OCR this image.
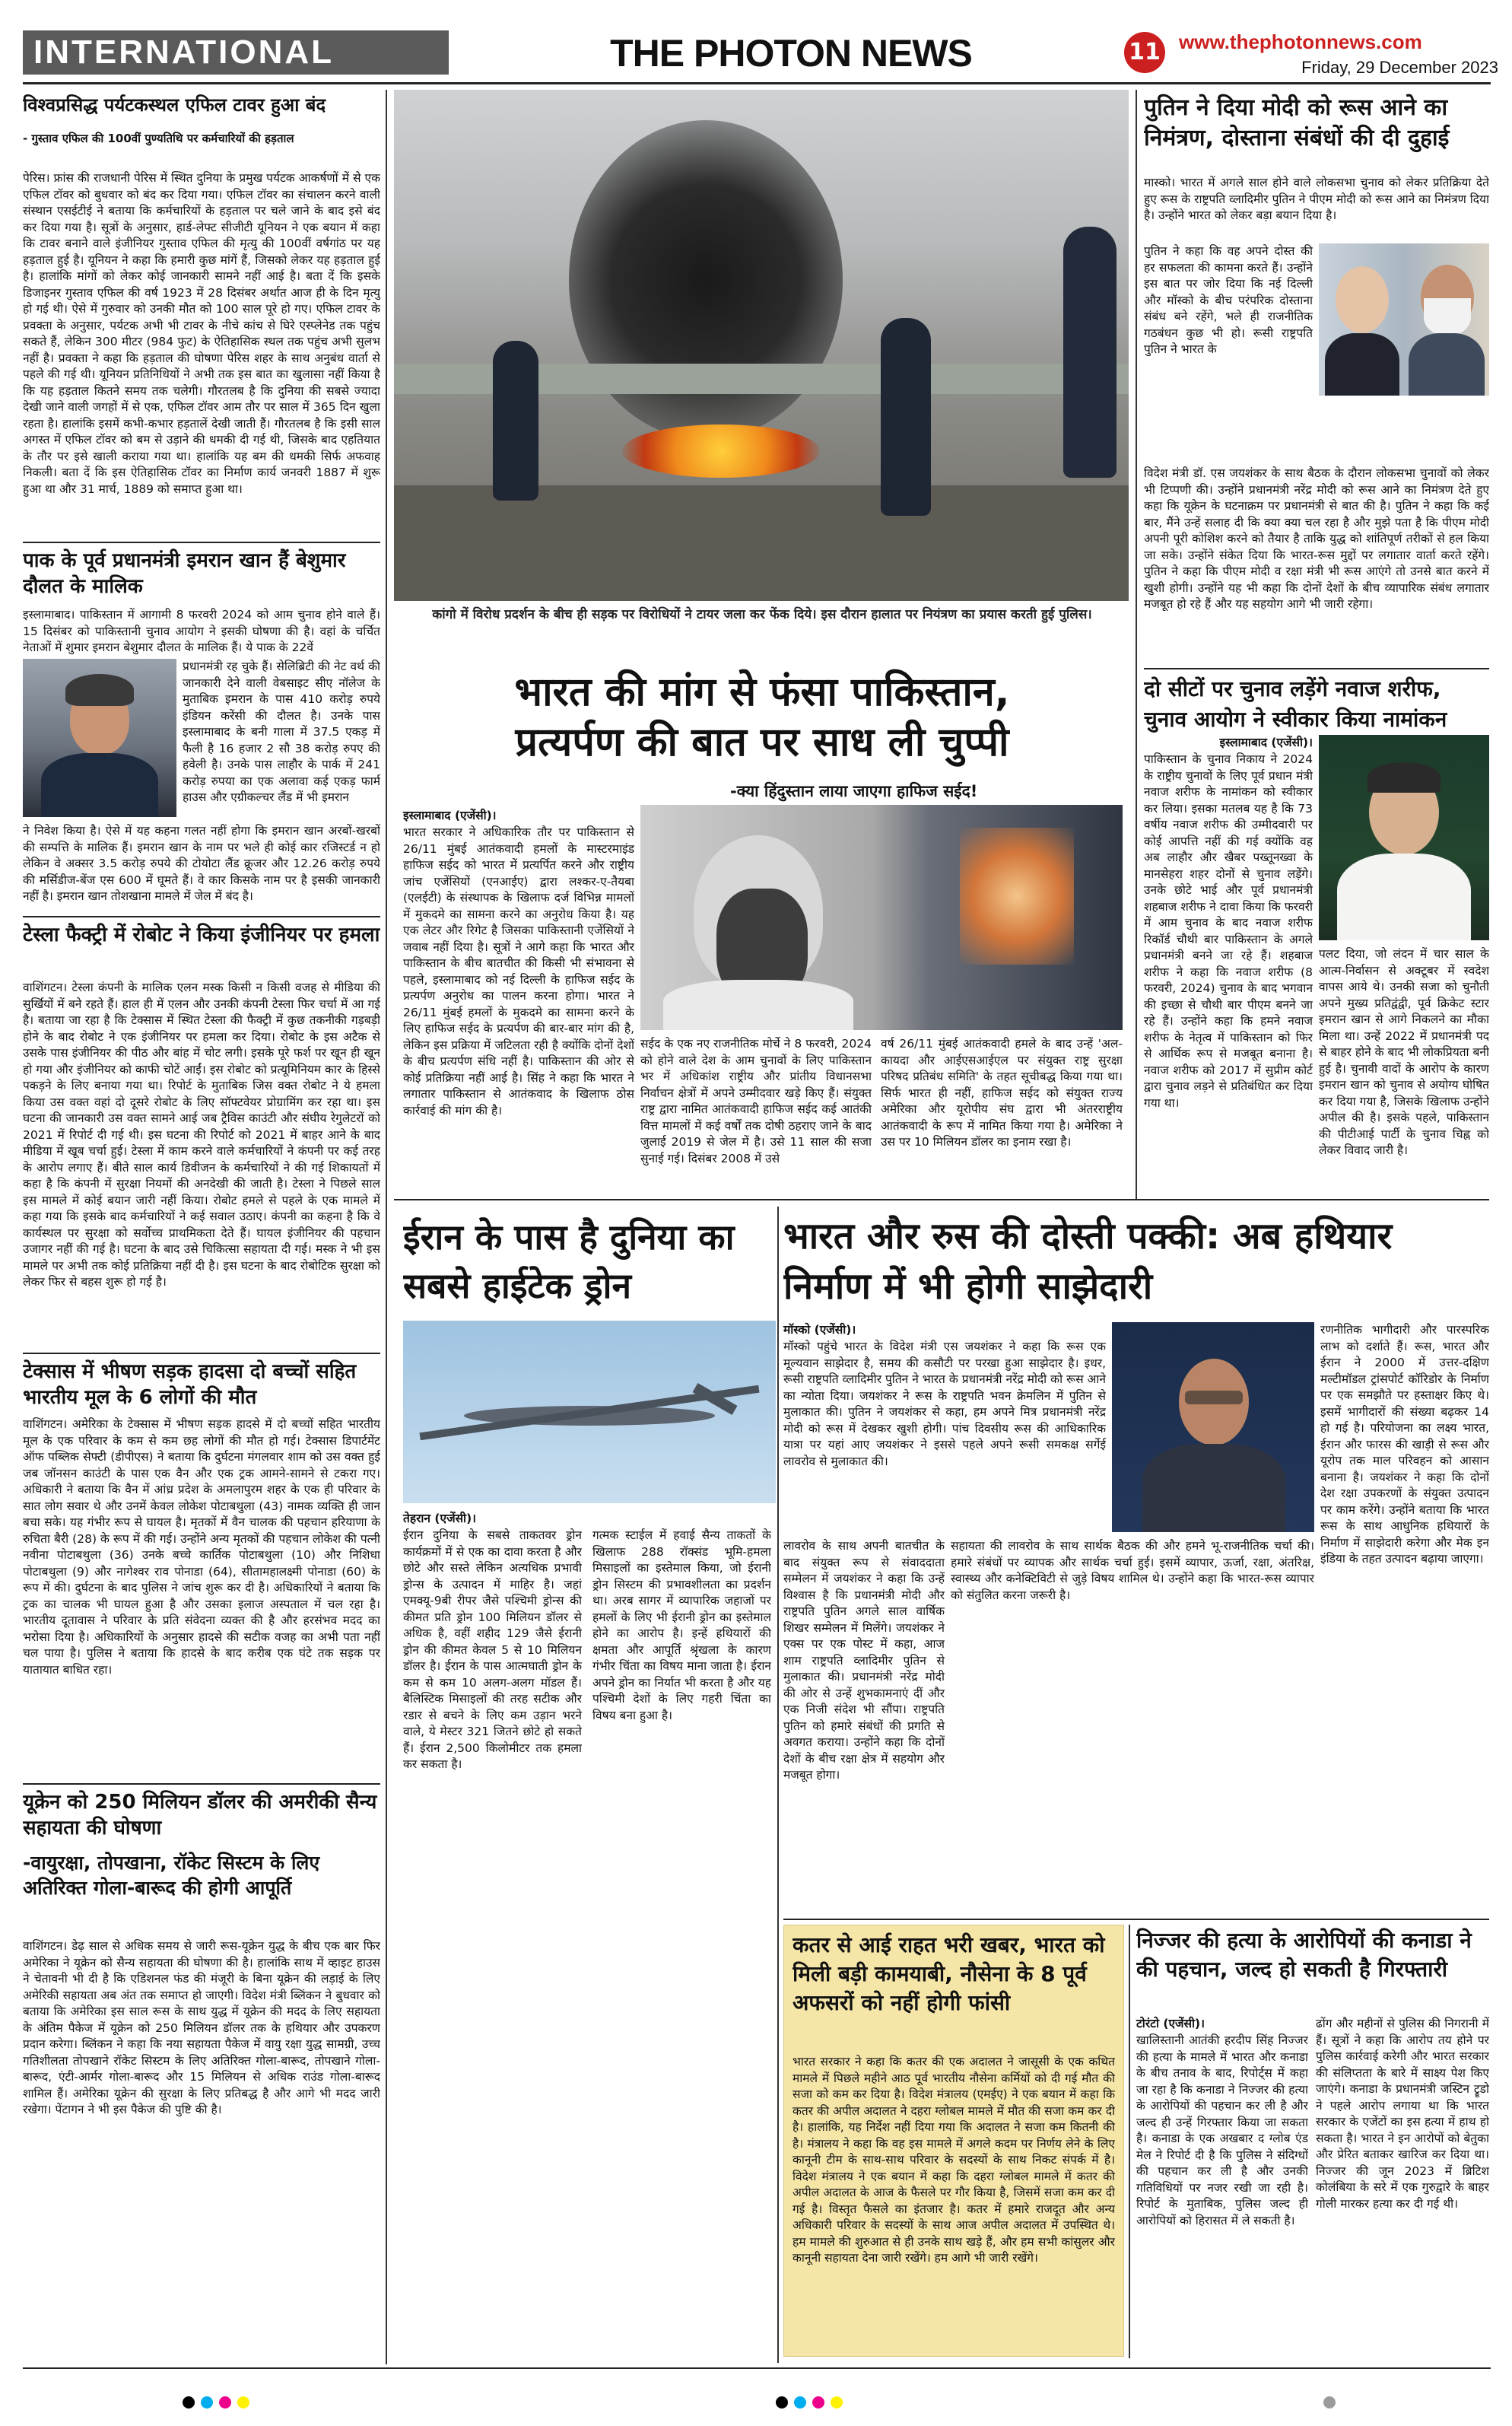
INTERNATIONAL	THE PHOTON NEWS	11 www.thephotonnews.com
Friday, 29 December 2023
विश्वप्रसिद्ध पर्यटकस्थल एफिल टावर हुआ बंद
- गुस्ताव एफिल की 100वीं पुण्यतिथि पर कर्मचारियों की हड़ताल
पेरिस। फ्रांस की राजधानी पेरिस में स्थित दुनिया के प्रमुख पर्यटक आकर्षणों में से एक एफिल टॉवर को बुधवार को बंद कर दिया गया। एफिल टॉवर का संचालन करने वाली संस्थान एसईटीई ने बताया कि कर्मचारियों के हड़ताल पर चले जाने के बाद इसे बंद कर दिया गया है। सूत्रों के अनुसार, हार्ड-लेफ्ट सीजीटी यूनियन ने एक बयान में कहा कि टावर बनाने वाले इंजीनियर गुस्ताव एफिल की मृत्यु की 100वीं वर्षगांठ पर यह हड़ताल हुई है। यूनियन ने कहा कि हमारी कुछ मांगें हैं, जिसको लेकर यह हड़ताल हुई है। हालांकि मांगों को लेकर कोई जानकारी सामने नहीं आई है। बता दें कि इसके डिजाइनर गुस्ताव एफिल की वर्ष 1923 में 28 दिसंबर अर्थात आज ही के दिन मृत्यु हो गई थी। ऐसे में गुरुवार को उनकी मौत को 100 साल पूरे हो गए। एफिल टावर के प्रवक्ता के अनुसार, पर्यटक अभी भी टावर के नीचे कांच से घिरे एस्प्लेनेड तक पहुंच सकते हैं, लेकिन 300 मीटर (984 फुट) के ऐतिहासिक स्थल तक पहुंच अभी सुलभ नहीं है। प्रवक्ता ने कहा कि हड़ताल की घोषणा पेरिस शहर के साथ अनुबंध वार्ता से पहले की गई थी। यूनियन प्रतिनिधियों ने अभी तक इस बात का खुलासा नहीं किया है कि यह हड़ताल कितने समय तक चलेगी। गौरतलब है कि दुनिया की सबसे ज्यादा देखी जाने वाली जगहों में से एक, एफिल टॉवर आम तौर पर साल में 365 दिन खुला रहता है। हालांकि इसमें कभी-कभार हड़तालें देखी जाती हैं। गौरतलब है कि इसी साल अगस्त में एफिल टॉवर को बम से उड़ाने की धमकी दी गई थी, जिसके बाद एहतियात के तौर पर इसे खाली कराया गया था। हालांकि यह बम की धमकी सिर्फ अफवाह निकली। बता दें कि इस ऐतिहासिक टॉवर का निर्माण कार्य जनवरी 1887 में शुरू हुआ था और 31 मार्च, 1889 को समाप्त हुआ था।
पाक के पूर्व प्रधानमंत्री इमरान खान हैं बेशुमार दौलत के मालिक
इस्लामाबाद। पाकिस्तान में आगामी 8 फरवरी 2024 को आम चुनाव होने वाले हैं। 15 दिसंबर को पाकिस्तानी चुनाव आयोग ने इसकी घोषणा की है। वहां के चर्चित नेताओं में शुमार इमरान बेशुमार दौलत के मालिक हैं। ये पाक के 22वें
प्रधानमंत्री रह चुके हैं। सेलिब्रिटी की नेट वर्थ की जानकारी देने वाली वेबसाइट सीए नॉलेज के मुताबिक इमरान के पास 410 करोड़ रुपये इंडियन करेंसी की दौलत है। उनके पास इस्लामाबाद के बनी गाला में 37.5 एकड़ में फैली है 16 हजार 2 सौ 38 करोड़ रुपए की हवेली है। उनके पास लाहौर के पार्क में 241 करोड़ रुपया का एक अलावा कई एकड़ फार्म हाउस और एग्रीकल्चर लैंड में भी इमरान
ने निवेश किया है। ऐसे में यह कहना गलत नहीं होगा कि इमरान खान अरबों-खरबों की सम्पत्ति के मालिक हैं। इमरान खान के नाम पर भले ही कोई कार रजिस्टर्ड न हो लेकिन वे अक्सर 3.5 करोड़ रुपये की टोयोटा लैंड क्रूजर और 12.26 करोड़ रुपये की मर्सिडीज-बेंज एस 600 में घूमते हैं। वे कार किसके नाम पर है इसकी जानकारी नहीं है। इमरान खान तोशखाना मामले में जेल में बंद है।
टेस्ला फैक्ट्री में रोबोट ने किया इंजीनियर पर हमला
वाशिंगटन। टेस्ला कंपनी के मालिक एलन मस्क किसी न किसी वजह से मीडिया की सुर्खियों में बने रहते हैं। हाल ही में एलन और उनकी कंपनी टेस्ला फिर चर्चा में आ गई है। बताया जा रहा है कि टेक्सास में स्थित टेस्ला की फैक्ट्री में कुछ तकनीकी गड़बड़ी होने के बाद रोबोट ने एक इंजीनियर पर हमला कर दिया। रोबोट के इस अटैक से उसके पास इंजीनियर की पीठ और बांह में चोट लगी। इसके पूरे फर्श पर खून ही खून हो गया और इंजीनियर को काफी चोटें आईं। इस रोबोट को प्रत्यूमिनियम कार के हिस्से पकड़ने के लिए बनाया गया था। रिपोर्ट के मुताबिक जिस वक्त रोबोट ने ये हमला किया उस वक्त वहां दो दूसरे रोबोट के लिए सॉफ्टवेयर प्रोग्रामिंग कर रहा था। इस घटना की जानकारी उस वक्त सामने आई जब ट्रैविस काउंटी और संघीय रेगुलेटरों को 2021 में रिपोर्ट दी गई थी। इस घटना की रिपोर्ट को 2021 में बाहर आने के बाद मीडिया में खूब चर्चा हुई। टेस्ला में काम करने वाले कर्मचारियों ने कंपनी पर कई तरह के आरोप लगाए हैं। बीते साल कार्य डिवीजन के कर्मचारियों ने की गई शिकायतों में कहा है कि कंपनी में सुरक्षा नियमों की अनदेखी की जाती है। टेस्ला ने पिछले साल इस मामले में कोई बयान जारी नहीं किया। रोबोट हमले से पहले के एक मामले में कहा गया कि इसके बाद कर्मचारियों ने कई सवाल उठाए। कंपनी का कहना है कि वे कार्यस्थल पर सुरक्षा को सर्वोच्च प्राथमिकता देते हैं। घायल इंजीनियर की पहचान उजागर नहीं की गई है। घटना के बाद उसे चिकित्सा सहायता दी गई। मस्क ने भी इस मामले पर अभी तक कोई प्रतिक्रिया नहीं दी है। इस घटना के बाद रोबोटिक सुरक्षा को लेकर फिर से बहस शुरू हो गई है।
टेक्सास में भीषण सड़क हादसा दो बच्चों सहित भारतीय मूल के 6 लोगों की मौत
वाशिंगटन। अमेरिका के टेक्सास में भीषण सड़क हादसे में दो बच्चों सहित भारतीय मूल के एक परिवार के कम से कम छह लोगों की मौत हो गई। टेक्सास डिपार्टमेंट ऑफ पब्लिक सेफ्टी (डीपीएस) ने बताया कि दुर्घटना मंगलवार शाम को उस वक्त हुई जब जॉनसन काउंटी के पास एक वैन और एक ट्रक आमने-सामने से टकरा गए। अधिकारी ने बताया कि वैन में आंध्र प्रदेश के अमलापुरम शहर के एक ही परिवार के सात लोग सवार थे और उनमें केवल लोकेश पोटाबथुला (43) नामक व्यक्ति ही जान बचा सके। यह गंभीर रूप से घायल है। मृतकों में वैन चालक की पहचान हरियाणा के रुचिता बैरी (28) के रूप में की गई। उन्होंने अन्य मृतकों की पहचान लोकेश की पत्नी नवीना पोटाबथुला (36) उनके बच्चे कार्तिक पोटाबथुला (10) और निशिधा पोटाबथुला (9) और नागेश्वर राव पोनाडा (64), सीतामहालक्ष्मी पोनाडा (60) के रूप में की। दुर्घटना के बाद पुलिस ने जांच शुरू कर दी है। अधिकारियों ने बताया कि ट्रक का चालक भी घायल हुआ है और उसका इलाज अस्पताल में चल रहा है। भारतीय दूतावास ने परिवार के प्रति संवेदना व्यक्त की है और हरसंभव मदद का भरोसा दिया है। अधिकारियों के अनुसार हादसे की सटीक वजह का अभी पता नहीं चल पाया है। पुलिस ने बताया कि हादसे के बाद करीब एक घंटे तक सड़क पर यातायात बाधित रहा।
यूक्रेन को 250 मिलियन डॉलर की अमरीकी सैन्य सहायता की घोषणा
-वायुरक्षा, तोपखाना, रॉकेट सिस्टम के लिए अतिरिक्त गोला-बारूद की होगी आपूर्ति
वाशिंगटन। डेढ़ साल से अधिक समय से जारी रूस-यूक्रेन युद्ध के बीच एक बार फिर अमेरिका ने यूक्रेन को सैन्य सहायता की घोषणा की है। हालांकि साथ में व्हाइट हाउस ने चेतावनी भी दी है कि एडिशनल फंड की मंजूरी के बिना यूक्रेन की लड़ाई के लिए अमेरिकी सहायता अब अंत तक समाप्त हो जाएगी। विदेश मंत्री ब्लिंकन ने बुधवार को बताया कि अमेरिका इस साल रूस के साथ युद्ध में यूक्रेन की मदद के लिए सहायता के अंतिम पैकेज में यूक्रेन को 250 मिलियन डॉलर तक के हथियार और उपकरण प्रदान करेगा। ब्लिंकन ने कहा कि नया सहायता पैकेज में वायु रक्षा युद्ध सामग्री, उच्च गतिशीलता तोपखाने रॉकेट सिस्टम के लिए अतिरिक्त गोला-बारूद, तोपखाने गोला-बारूद, एंटी-आर्मर गोला-बारूद और 15 मिलियन से अधिक राउंड गोला-बारूद शामिल हैं। अमेरिका यूक्रेन की सुरक्षा के लिए प्रतिबद्ध है और आगे भी मदद जारी रखेगा। पेंटागन ने भी इस पैकेज की पुष्टि की है।
कांगो में विरोध प्रदर्शन के बीच ही सड़क पर विरोधियों ने टायर जला कर फेंक दिये। इस दौरान हालात पर नियंत्रण का प्रयास करती हुई पुलिस।
भारत की मांग से फंसा पाकिस्तान,
प्रत्यर्पण की बात पर साध ली चुप्पी
-क्या हिंदुस्तान लाया जाएगा हाफिज सईद!
इस्लामाबाद (एजेंसी)।
भारत सरकार ने अधिकारिक तौर पर पाकिस्तान से 26/11 मुंबई आतंकवादी हमलों के मास्टरमाइंड हाफिज सईद को भारत में प्रत्यर्पित करने और राष्ट्रीय जांच एजेंसियों (एनआईए) द्वारा लश्कर-ए-तैयबा (एलईटी) के संस्थापक के खिलाफ दर्ज विभिन्न मामलों में मुकदमे का सामना करने का अनुरोध किया है। यह एक लेटर और रिगेट है जिसका पाकिस्तानी एजेंसियों ने जवाब नहीं दिया है। सूत्रों ने आगे कहा कि भारत और पाकिस्तान के बीच बातचीत की किसी भी संभावना से पहले, इस्लामाबाद को नई दिल्ली के हाफिज सईद के प्रत्यर्पण अनुरोध का पालन करना होगा। भारत ने 26/11 मुंबई हमलों के मुकदमे का सामना करने के लिए हाफिज सईद के प्रत्यर्पण की बार-बार मांग की है, लेकिन इस प्रक्रिया में जटिलता रही है क्योंकि दोनों देशों के बीच प्रत्यर्पण संधि नहीं है। पाकिस्तान की ओर से कोई प्रतिक्रिया नहीं आई है। सिंह ने कहा कि भारत ने लगातार पाकिस्तान से आतंकवाद के खिलाफ ठोस कार्रवाई की मांग की है।
सईद के एक नए राजनीतिक मोर्चे ने 8 फरवरी, 2024 को होने वाले देश के आम चुनावों के लिए पाकिस्तान भर में अधिकांश राष्ट्रीय और प्रांतीय विधानसभा निर्वाचन क्षेत्रों में अपने उम्मीदवार खड़े किए हैं। संयुक्त राष्ट्र द्वारा नामित आतंकवादी हाफिज सईद कई आतंकी वित्त मामलों में कई वर्षों तक दोषी ठहराए जाने के बाद जुलाई 2019 से जेल में है। उसे 11 साल की सजा सुनाई गई। दिसंबर 2008 में उसे
वर्ष 26/11 मुंबई आतंकवादी हमले के बाद उन्हें 'अल-कायदा और आईएसआईएल पर संयुक्त राष्ट्र सुरक्षा परिषद प्रतिबंध समिति' के तहत सूचीबद्ध किया गया था। सिर्फ भारत ही नहीं, हाफिज सईद को संयुक्त राज्य अमेरिका और यूरोपीय संघ द्वारा भी अंतरराष्ट्रीय आतंकवादी के रूप में नामित किया गया है। अमेरिका ने उस पर 10 मिलियन डॉलर का इनाम रखा है।
ईरान के पास है दुनिया का सबसे हाईटेक ड्रोन
तेहरान (एजेंसी)।
ईरान दुनिया के सबसे ताकतवर ड्रोन कार्यक्रमों में से एक का दावा करता है और छोटे और सस्ते लेकिन अत्यधिक प्रभावी ड्रोन्स के उत्पादन में माहिर है। जहां एमक्यू-9बी रीपर जैसे पश्चिमी ड्रोन्स की कीमत प्रति ड्रोन 100 मिलियन डॉलर से अधिक है, वहीं शहीद 129 जैसे ईरानी ड्रोन की कीमत केवल 5 से 10 मिलियन डॉलर है। ईरान के पास आत्मघाती ड्रोन के कम से कम 10 अलग-अलग मॉडल हैं। बैलिस्टिक मिसाइलों की तरह सटीक और रडार से बचने के लिए कम उड़ान भरने वाले, ये मेस्टर 321 जितने छोटे हो सकते हैं। ईरान 2,500 किलोमीटर तक हमला कर सकता है।
गत्मक स्टाईल में हवाई सैन्य ताकतों के खिलाफ 288 रॉक्संड भूमि-हमला मिसाइलों का इस्तेमाल किया, जो ईरानी ड्रोन सिस्टम की प्रभावशीलता का प्रदर्शन था। अरब सागर में व्यापारिक जहाजों पर हमलों के लिए भी ईरानी ड्रोन का इस्तेमाल होने का आरोप है। इन्हें हथियारों की क्षमता और आपूर्ति श्रृंखला के कारण गंभीर चिंता का विषय माना जाता है। ईरान अपने ड्रोन का निर्यात भी करता है और यह पश्चिमी देशों के लिए गहरी चिंता का विषय बना हुआ है।
पुतिन ने दिया मोदी को रूस आने का निमंत्रण, दोस्ताना संबंधों की दी दुहाई
मास्को। भारत में अगले साल होने वाले लोकसभा चुनाव को लेकर प्रतिक्रिया देते हुए रूस के राष्ट्रपति व्लादिमीर पुतिन ने पीएम मोदी को रूस आने का निमंत्रण दिया है। उन्होंने भारत को लेकर बड़ा बयान दिया है।
पुतिन ने कहा कि वह अपने दोस्त की हर सफलता की कामना करते हैं। उन्होंने इस बात पर जोर दिया कि नई दिल्ली और मॉस्को के बीच परंपरिक दोस्ताना संबंध बने रहेंगे, भले ही राजनीतिक गठबंधन कुछ भी हो। रूसी राष्ट्रपति पुतिन ने भारत के
विदेश मंत्री डॉ. एस जयशंकर के साथ बैठक के दौरान लोकसभा चुनावों को लेकर भी टिप्पणी की। उन्होंने प्रधानमंत्री नरेंद्र मोदी को रूस आने का निमंत्रण देते हुए कहा कि यूक्रेन के घटनाक्रम पर प्रधानमंत्री से बात की है। पुतिन ने कहा कि कई बार, मैंने उन्हें सलाह दी कि क्या क्या चल रहा है और मुझे पता है कि पीएम मोदी अपनी पूरी कोशिश करने को तैयार है ताकि युद्ध को शांतिपूर्ण तरीकों से हल किया जा सके। उन्होंने संकेत दिया कि भारत-रूस मुद्दों पर लगातार वार्ता करते रहेंगे। पुतिन ने कहा कि पीएम मोदी व रक्षा मंत्री भी रूस आएंगे तो उनसे बात करने में खुशी होगी। उन्होंने यह भी कहा कि दोनों देशों के बीच व्यापारिक संबंध लगातार मजबूत हो रहे हैं और यह सहयोग आगे भी जारी रहेगा।
दो सीटों पर चुनाव लड़ेंगे नवाज शरीफ, चुनाव आयोग ने स्वीकार किया नामांकन
इस्लामाबाद (एजेंसी)।
पाकिस्तान के चुनाव निकाय ने 2024 के राष्ट्रीय चुनावों के लिए पूर्व प्रधान मंत्री नवाज शरीफ के नामांकन को स्वीकार कर लिया। इसका मतलब यह है कि 73 वर्षीय नवाज शरीफ की उम्मीदवारी पर कोई आपत्ति नहीं की गई क्योंकि वह अब लाहौर और खैबर पख्तूनख्वा के मानसेहरा शहर दोनों से चुनाव लड़ेंगे। उनके छोटे भाई और पूर्व प्रधानमंत्री शहबाज शरीफ ने दावा किया कि फरवरी में आम चुनाव के बाद नवाज शरीफ रिकॉर्ड चौथी बार पाकिस्तान के अगले प्रधानमंत्री बनने जा रहे हैं। शहबाज शरीफ ने कहा कि नवाज शरीफ (8 फरवरी, 2024) चुनाव के बाद भगवान की इच्छा से चौथी बार पीएम बनने जा रहे हैं। उन्होंने कहा कि हमने नवाज शरीफ के नेतृत्व में पाकिस्तान को फिर से आर्थिक रूप से मजबूत बनाना है। नवाज शरीफ को 2017 में सुप्रीम कोर्ट द्वारा चुनाव लड़ने से प्रतिबंधित कर दिया गया था।
पलट दिया, जो लंदन में चार साल के आत्म-निर्वासन से अक्टूबर में स्वदेश वापस आये थे। उनकी सजा को चुनौती अपने मुख्य प्रतिद्वंद्वी, पूर्व क्रिकेट स्टार इमरान खान से आगे निकलने का मौका मिला था। उन्हें 2022 में प्रधानमंत्री पद से बाहर होने के बाद भी लोकप्रियता बनी हुई है। चुनावी वादों के आरोप के कारण इमरान खान को चुनाव से अयोग्य घोषित कर दिया गया है, जिसके खिलाफ उन्होंने अपील की है। इसके पहले, पाकिस्तान की पीटीआई पार्टी के चुनाव चिह्न को लेकर विवाद जारी है।
भारत और रुस की दोस्ती पक्की: अब हथियार निर्माण में भी होगी साझेदारी
मॉस्को (एजेंसी)।
मॉस्को पहुंचे भारत के विदेश मंत्री एस जयशंकर ने कहा कि रूस एक मूल्यवान साझेदार है, समय की कसौटी पर परखा हुआ साझेदार है। इधर, रूसी राष्ट्रपति व्लादिमीर पुतिन ने भारत के प्रधानमंत्री नरेंद्र मोदी को रूस आने का न्योता दिया। जयशंकर ने रूस के राष्ट्रपति भवन क्रेमलिन में पुतिन से मुलाकात की। पुतिन ने जयशंकर से कहा, हम अपने मित्र प्रधानमंत्री नरेंद्र मोदी को रूस में देखकर खुशी होगी। पांच दिवसीय रूस की आधिकारिक यात्रा पर यहां आए जयशंकर ने इससे पहले अपने रूसी समकक्ष सर्गेई लावरोव से मुलाकात की।
लावरोव के साथ अपनी बातचीत के बाद संयुक्त रूप से संवाददाता सम्मेलन में जयशंकर ने कहा कि उन्हें विश्वास है कि प्रधानमंत्री मोदी और राष्ट्रपति पुतिन अगले साल वार्षिक शिखर सम्मेलन में मिलेंगे। जयशंकर ने एक्स पर एक पोस्ट में कहा, आज शाम राष्ट्रपति व्लादिमीर पुतिन से मुलाकात की। प्रधानमंत्री नरेंद्र मोदी की ओर से उन्हें शुभकामनाएं दीं और एक निजी संदेश भी सौंपा। राष्ट्रपति पुतिन को हमारे संबंधों की प्रगति से अवगत कराया। उन्होंने कहा कि दोनों देशों के बीच रक्षा क्षेत्र में सहयोग और मजबूत होगा।
सहायता की लावरोव के साथ सार्थक बैठक की और हमने भू-राजनीतिक चर्चा की। हमारे संबंधों पर व्यापक और सार्थक चर्चा हुई। इसमें व्यापार, ऊर्जा, रक्षा, अंतरिक्ष, स्वास्थ्य और कनेक्टिविटी से जुड़े विषय शामिल थे। उन्होंने कहा कि भारत-रूस व्यापार को संतुलित करना जरूरी है।
रणनीतिक भागीदारी और पारस्परिक लाभ को दर्शाते हैं। रूस, भारत और ईरान ने 2000 में उत्तर-दक्षिण मल्टीमॉडल ट्रांसपोर्ट कॉरिडोर के निर्माण पर एक समझौते पर हस्ताक्षर किए थे। इसमें भागीदारों की संख्या बढ़कर 14 हो गई है। परियोजना का लक्ष्य भारत, ईरान और फारस की खाड़ी से रूस और यूरोप तक माल परिवहन को आसान बनाना है। जयशंकर ने कहा कि दोनों देश रक्षा उपकरणों के संयुक्त उत्पादन पर काम करेंगे। उन्होंने बताया कि भारत रूस के साथ आधुनिक हथियारों के निर्माण में साझेदारी करेगा और मेक इन इंडिया के तहत उत्पादन बढ़ाया जाएगा।
कतर से आई राहत भरी खबर, भारत को मिली बड़ी कामयाबी, नौसेना के 8 पूर्व अफसरों को नहीं होगी फांसी
भारत सरकार ने कहा कि कतर की एक अदालत ने जासूसी के एक कथित मामले में पिछले महीने आठ पूर्व भारतीय नौसेना कर्मियों को दी गई मौत की सजा को कम कर दिया है। विदेश मंत्रालय (एमईए) ने एक बयान में कहा कि कतर की अपील अदालत ने दहरा ग्लोबल मामले में मौत की सजा कम कर दी है। हालांकि, यह निर्देश नहीं दिया गया कि अदालत ने सजा कम कितनी की है। मंत्रालय ने कहा कि वह इस मामले में अगले कदम पर निर्णय लेने के लिए कानूनी टीम के साथ-साथ परिवार के सदस्यों के साथ निकट संपर्क में है। विदेश मंत्रालय ने एक बयान में कहा कि दहरा ग्लोबल मामले में कतर की अपील अदालत के आज के फैसले पर गौर किया है, जिसमें सजा कम कर दी गई है। विस्तृत फैसले का इंतजार है। कतर में हमारे राजदूत और अन्य अधिकारी परिवार के सदस्यों के साथ आज अपील अदालत में उपस्थित थे। हम मामले की शुरुआत से ही उनके साथ खड़े हैं, और हम सभी कांसुलर और कानूनी सहायता देना जारी रखेंगे। हम आगे भी जारी रखेंगे।
निज्जर की हत्या के आरोपियों की कनाडा ने की पहचान, जल्द हो सकती है गिरफ्तारी
टोरंटो (एजेंसी)।
खालिस्तानी आतंकी हरदीप सिंह निज्जर की हत्या के मामले में भारत और कनाडा के बीच तनाव के बाद, रिपोर्ट्स में कहा जा रहा है कि कनाडा ने निज्जर की हत्या के आरोपियों की पहचान कर ली है और जल्द ही उन्हें गिरफ्तार किया जा सकता है। कनाडा के एक अखबार द ग्लोब एंड मेल ने रिपोर्ट दी है कि पुलिस ने संदिग्धों की पहचान कर ली है और उनकी गतिविधियों पर नजर रखी जा रही है। रिपोर्ट के मुताबिक, पुलिस जल्द ही आरोपियों को हिरासत में ले सकती है।
ढोंग और महीनों से पुलिस की निगरानी में हैं। सूत्रों ने कहा कि आरोप तय होने पर पुलिस कार्रवाई करेगी और भारत सरकार की संलिप्तता के बारे में साक्ष्य पेश किए जाएंगे। कनाडा के प्रधानमंत्री जस्टिन ट्रूडो ने पहले आरोप लगाया था कि भारत सरकार के एजेंटों का इस हत्या में हाथ हो सकता है। भारत ने इन आरोपों को बेतुका और प्रेरित बताकर खारिज कर दिया था। निज्जर की जून 2023 में ब्रिटिश कोलंबिया के सरे में एक गुरुद्वारे के बाहर गोली मारकर हत्या कर दी गई थी।
